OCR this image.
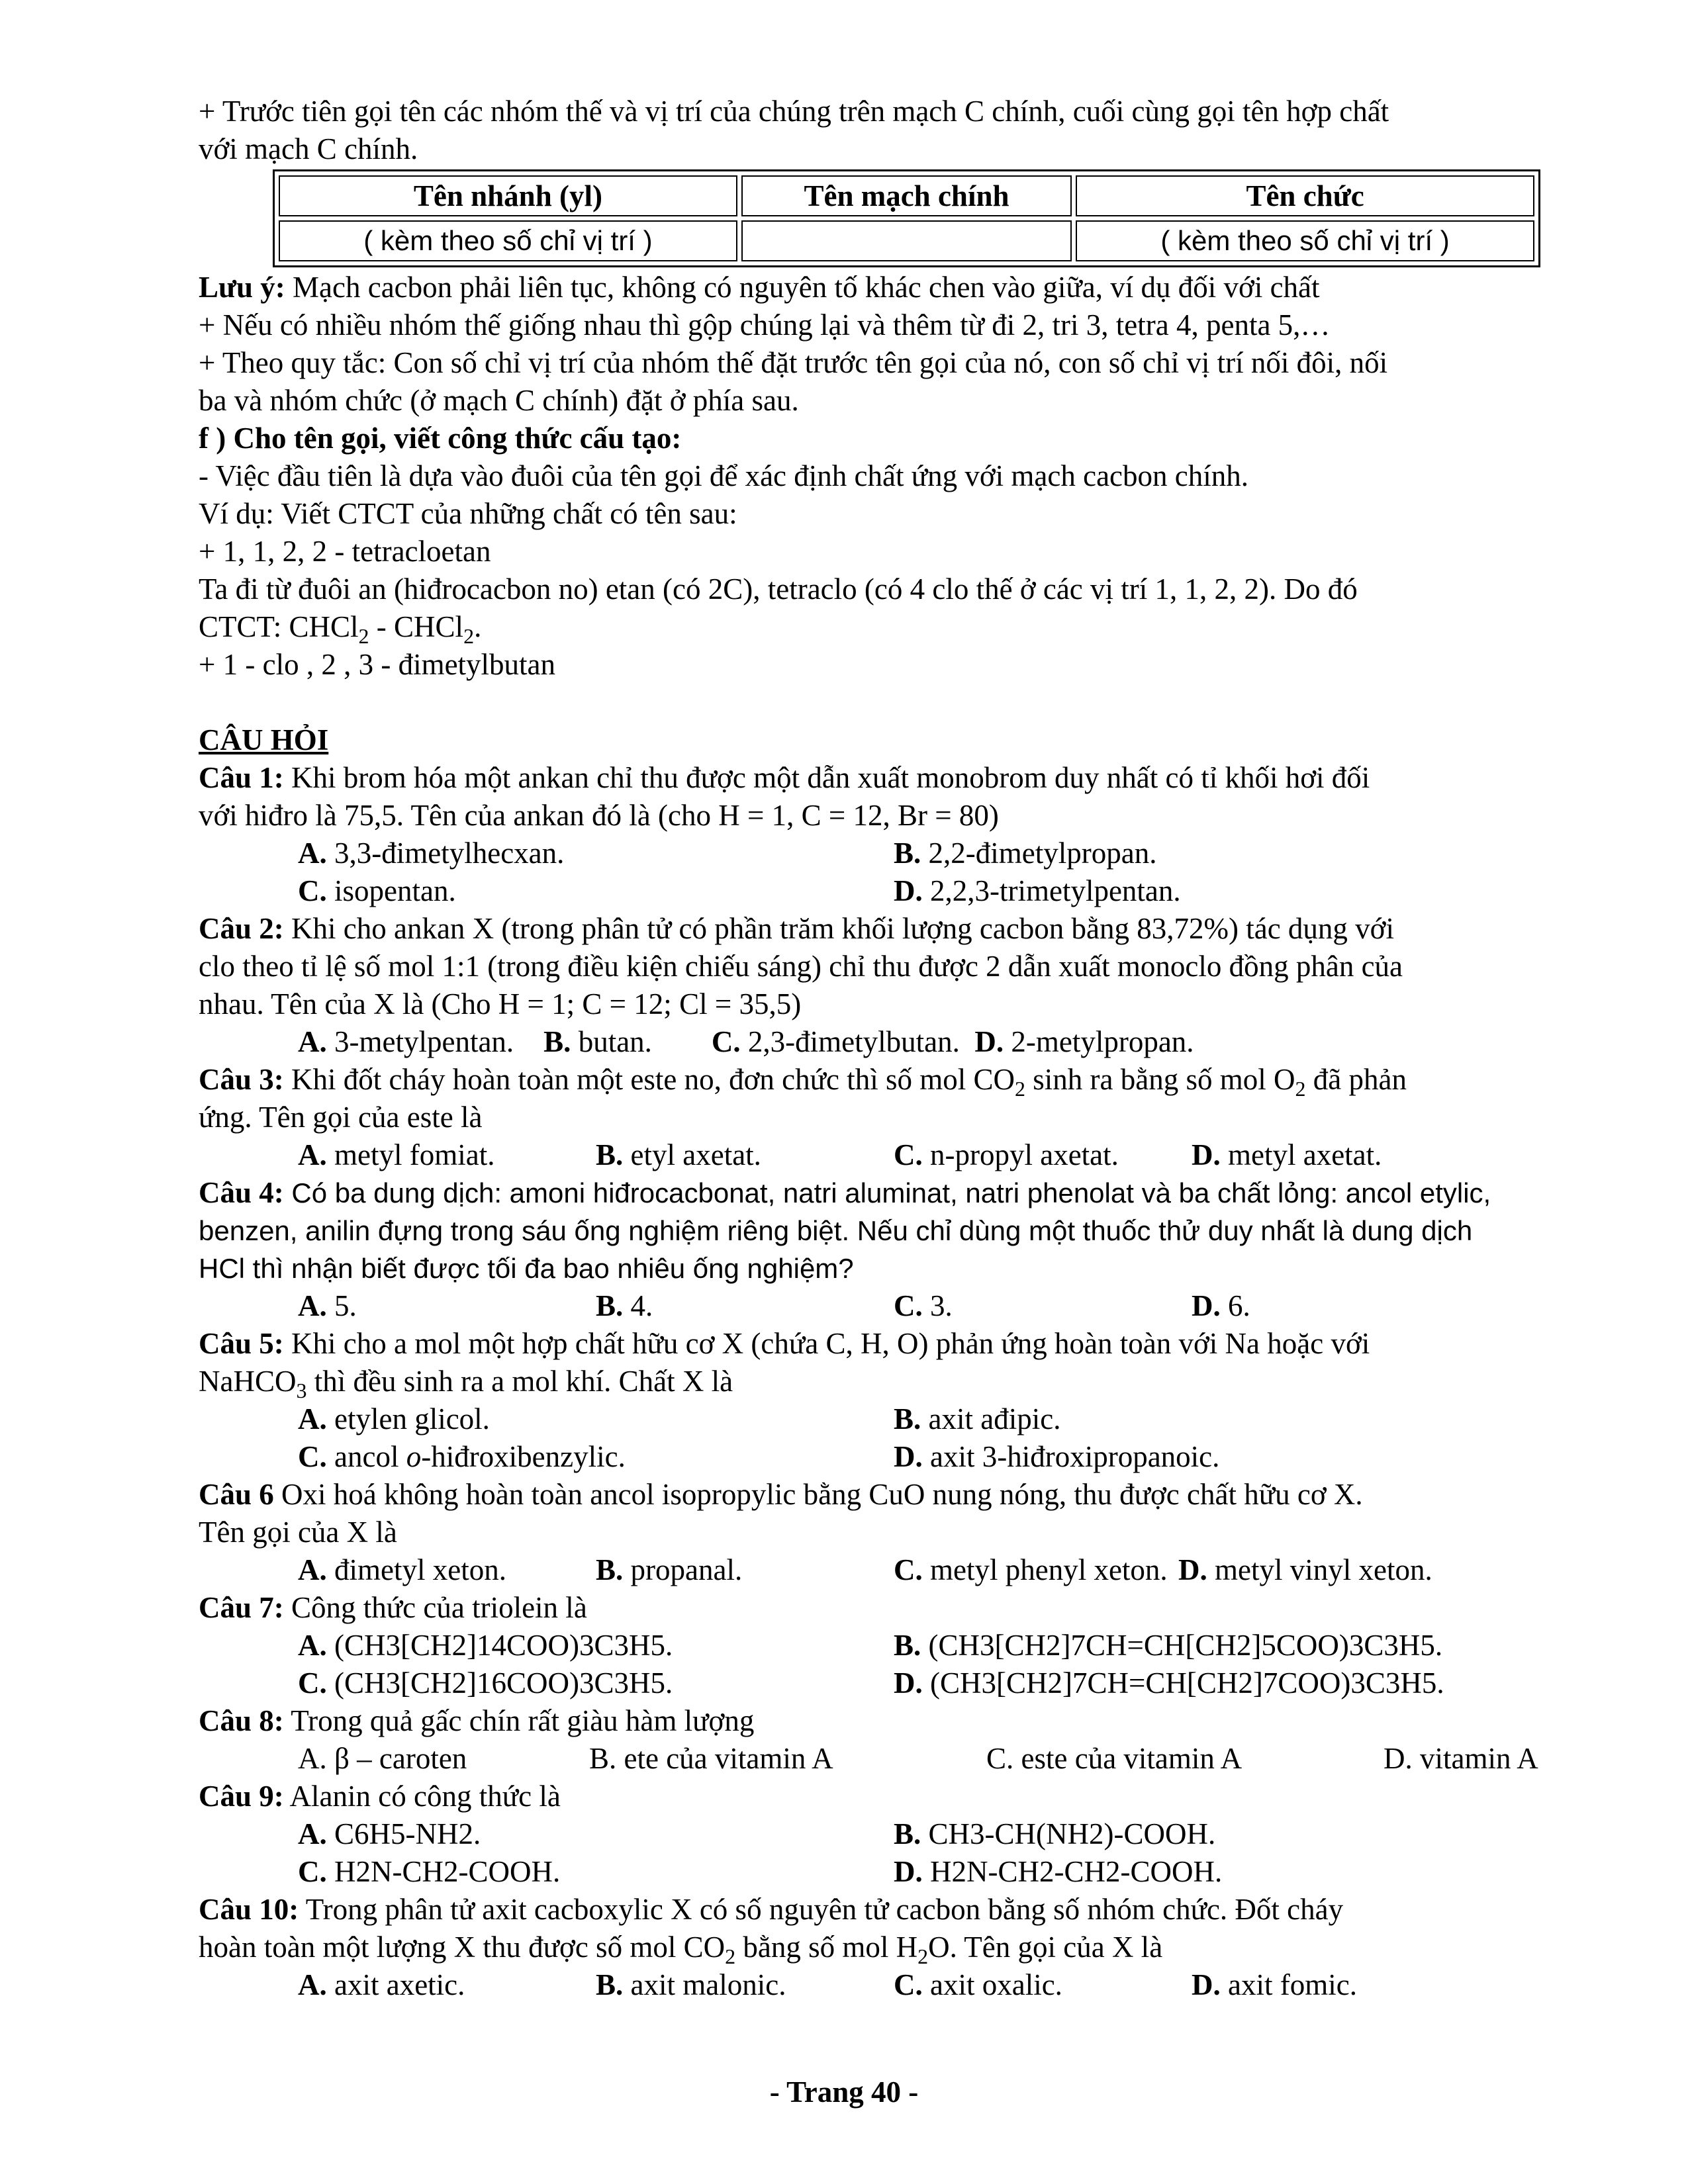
+ Trước tiên gọi tên các nhóm thế và vị trí của chúng trên mạch C chính, cuối cùng gọi tên hợp chất

với mạch C chính.

Tên nhánh (yl)	Tên mạch chính	Tên chức
( kèm theo số chỉ vị trí )		( kèm theo số chỉ vị trí )

Lưu ý: Mạch cacbon phải liên tục, không có nguyên tố khác chen vào giữa, ví dụ đối với chất

+ Nếu có nhiều nhóm thế giống nhau thì gộp chúng lại và thêm từ đi 2, tri 3, tetra 4, penta 5,…

+ Theo quy tắc: Con số chỉ vị trí của nhóm thế đặt trước tên gọi của nó, con số chỉ vị trí nối đôi, nối

ba và nhóm chức (ở mạch C chính) đặt ở phía sau.

f ) Cho tên gọi, viết công thức cấu tạo:

- Việc đầu tiên là dựa vào đuôi của tên gọi để xác định chất ứng với mạch cacbon chính.

Ví dụ: Viết CTCT của những chất có tên sau:

+ 1, 1, 2, 2 - tetracloetan

Ta đi từ đuôi an (hiđrocacbon no) etan (có 2C), tetraclo (có 4 clo thế ở các vị trí 1, 1, 2, 2). Do đó

CTCT: CHCl$_2$ - CHCl$_2$.

+ 1 - clo , 2 , 3 - đimetylbutan

CÂU HỎI

Câu 1: Khi brom hóa một ankan chỉ thu được một dẫn xuất monobrom duy nhất có tỉ khối hơi đối

với hiđro là 75,5. Tên của ankan đó là (cho H = 1, C = 12, Br = 80)

A. 3,3-đimetylhecxan.	B. 2,2-đimetylpropan.
C. isopentan.	D. 2,2,3-trimetylpentan.

Câu 2: Khi cho ankan X (trong phân tử có phần trăm khối lượng cacbon bằng 83,72%) tác dụng với

clo theo tỉ lệ số mol 1:1 (trong điều kiện chiếu sáng) chỉ thu được 2 dẫn xuất monoclo đồng phân của

nhau. Tên của X là (Cho H = 1; C = 12; Cl = 35,5)

A. 3-metylpentan. B. butan. C. 2,3-đimetylbutan. D. 2-metylpropan.

Câu 3: Khi đốt cháy hoàn toàn một este no, đơn chức thì số mol $CO_2$ sinh ra bằng số mol $O_2$ đã phản

ứng. Tên gọi của este là

A. metyl fomiat.	B. etyl axetat.	C. n-propyl axetat.	D. metyl axetat.

Câu 4: Có ba dung dịch: amoni hiđrocacbonat, natri aluminat, natri phenolat và ba chất lỏng: ancol etylic,

benzen, anilin đựng trong sáu ống nghiệm riêng biệt. Nếu chỉ dùng một thuốc thử duy nhất là dung dịch

HCl thì nhận biết được tối đa bao nhiêu ống nghiệm?

A. 5.	B. 4.	C. 3.	D. 6.

Câu 5: Khi cho a mol một hợp chất hữu cơ X (chứa C, H, O) phản ứng hoàn toàn với Na hoặc với

NaHCO$_3$ thì đều sinh ra a mol khí. Chất X là

A. etylen glicol.	B. axit ađipic.
C. ancol o-hiđroxibenzylic.	D. axit 3-hiđroxipropanoic.

Câu 6 Oxi hoá không hoàn toàn ancol isopropylic bằng CuO nung nóng, thu được chất hữu cơ X.

Tên gọi của X là

A. đimetyl xeton.	B. propanal.	C. metyl phenyl xeton. D. metyl vinyl xeton.

Câu 7: Công thức của triolein là

A. (CH3[CH2]14COO)3C3H5.	B. (CH3[CH2]7CH=CH[CH2]5COO)3C3H5.
C. (CH3[CH2]16COO)3C3H5.	D. (CH3[CH2]7CH=CH[CH2]7COO)3C3H5.

Câu 8: Trong quả gấc chín rất giàu hàm lượng

A. β – caroten	B. ete của vitamin A	C. este của vitamin A	D. vitamin A

Câu 9: Alanin có công thức là

A. C6H5-NH2.	B. CH3-CH(NH2)-COOH.
C. H2N-CH2-COOH.	D. H2N-CH2-CH2-COOH.

Câu 10: Trong phân tử axit cacboxylic X có số nguyên tử cacbon bằng số nhóm chức. Đốt cháy

hoàn toàn một lượng X thu được số mol $CO_2$ bằng số mol $H_2O$. Tên gọi của X là

A. axit axetic.	B. axit malonic.	C. axit oxalic.	D. axit fomic.
- Trang 40 -
